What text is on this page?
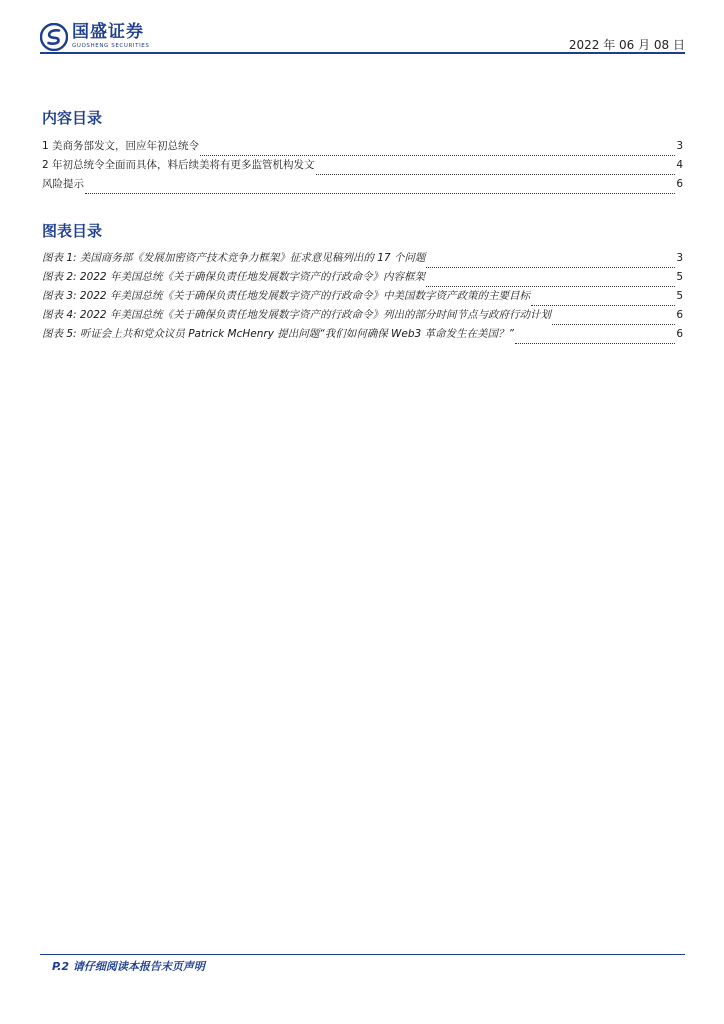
国盛证券
GUOSHENG SECURITIES	2022 年 06 月 08 日
内容目录
1 美商务部发文，回应年初总统令	3
2 年初总统令全面而具体，料后续美将有更多监管机构发文	4
风险提示	6
图表目录
图表 1: 美国商务部《发展加密资产技术竞争力框架》征求意见稿列出的 17 个问题	3
图表 2: 2022 年美国总统《关于确保负责任地发展数字资产的行政命令》内容框架	5
图表 3: 2022 年美国总统《关于确保负责任地发展数字资产的行政命令》中美国数字资产政策的主要目标	5
图表 4: 2022 年美国总统《关于确保负责任地发展数字资产的行政命令》列出的部分时间节点与政府行动计划	6
图表 5: 听证会上共和党众议员 Patrick McHenry 提出问题“我们如何确保 Web3 革命发生在美国？”	6
P.2 请仔细阅读本报告末页声明
